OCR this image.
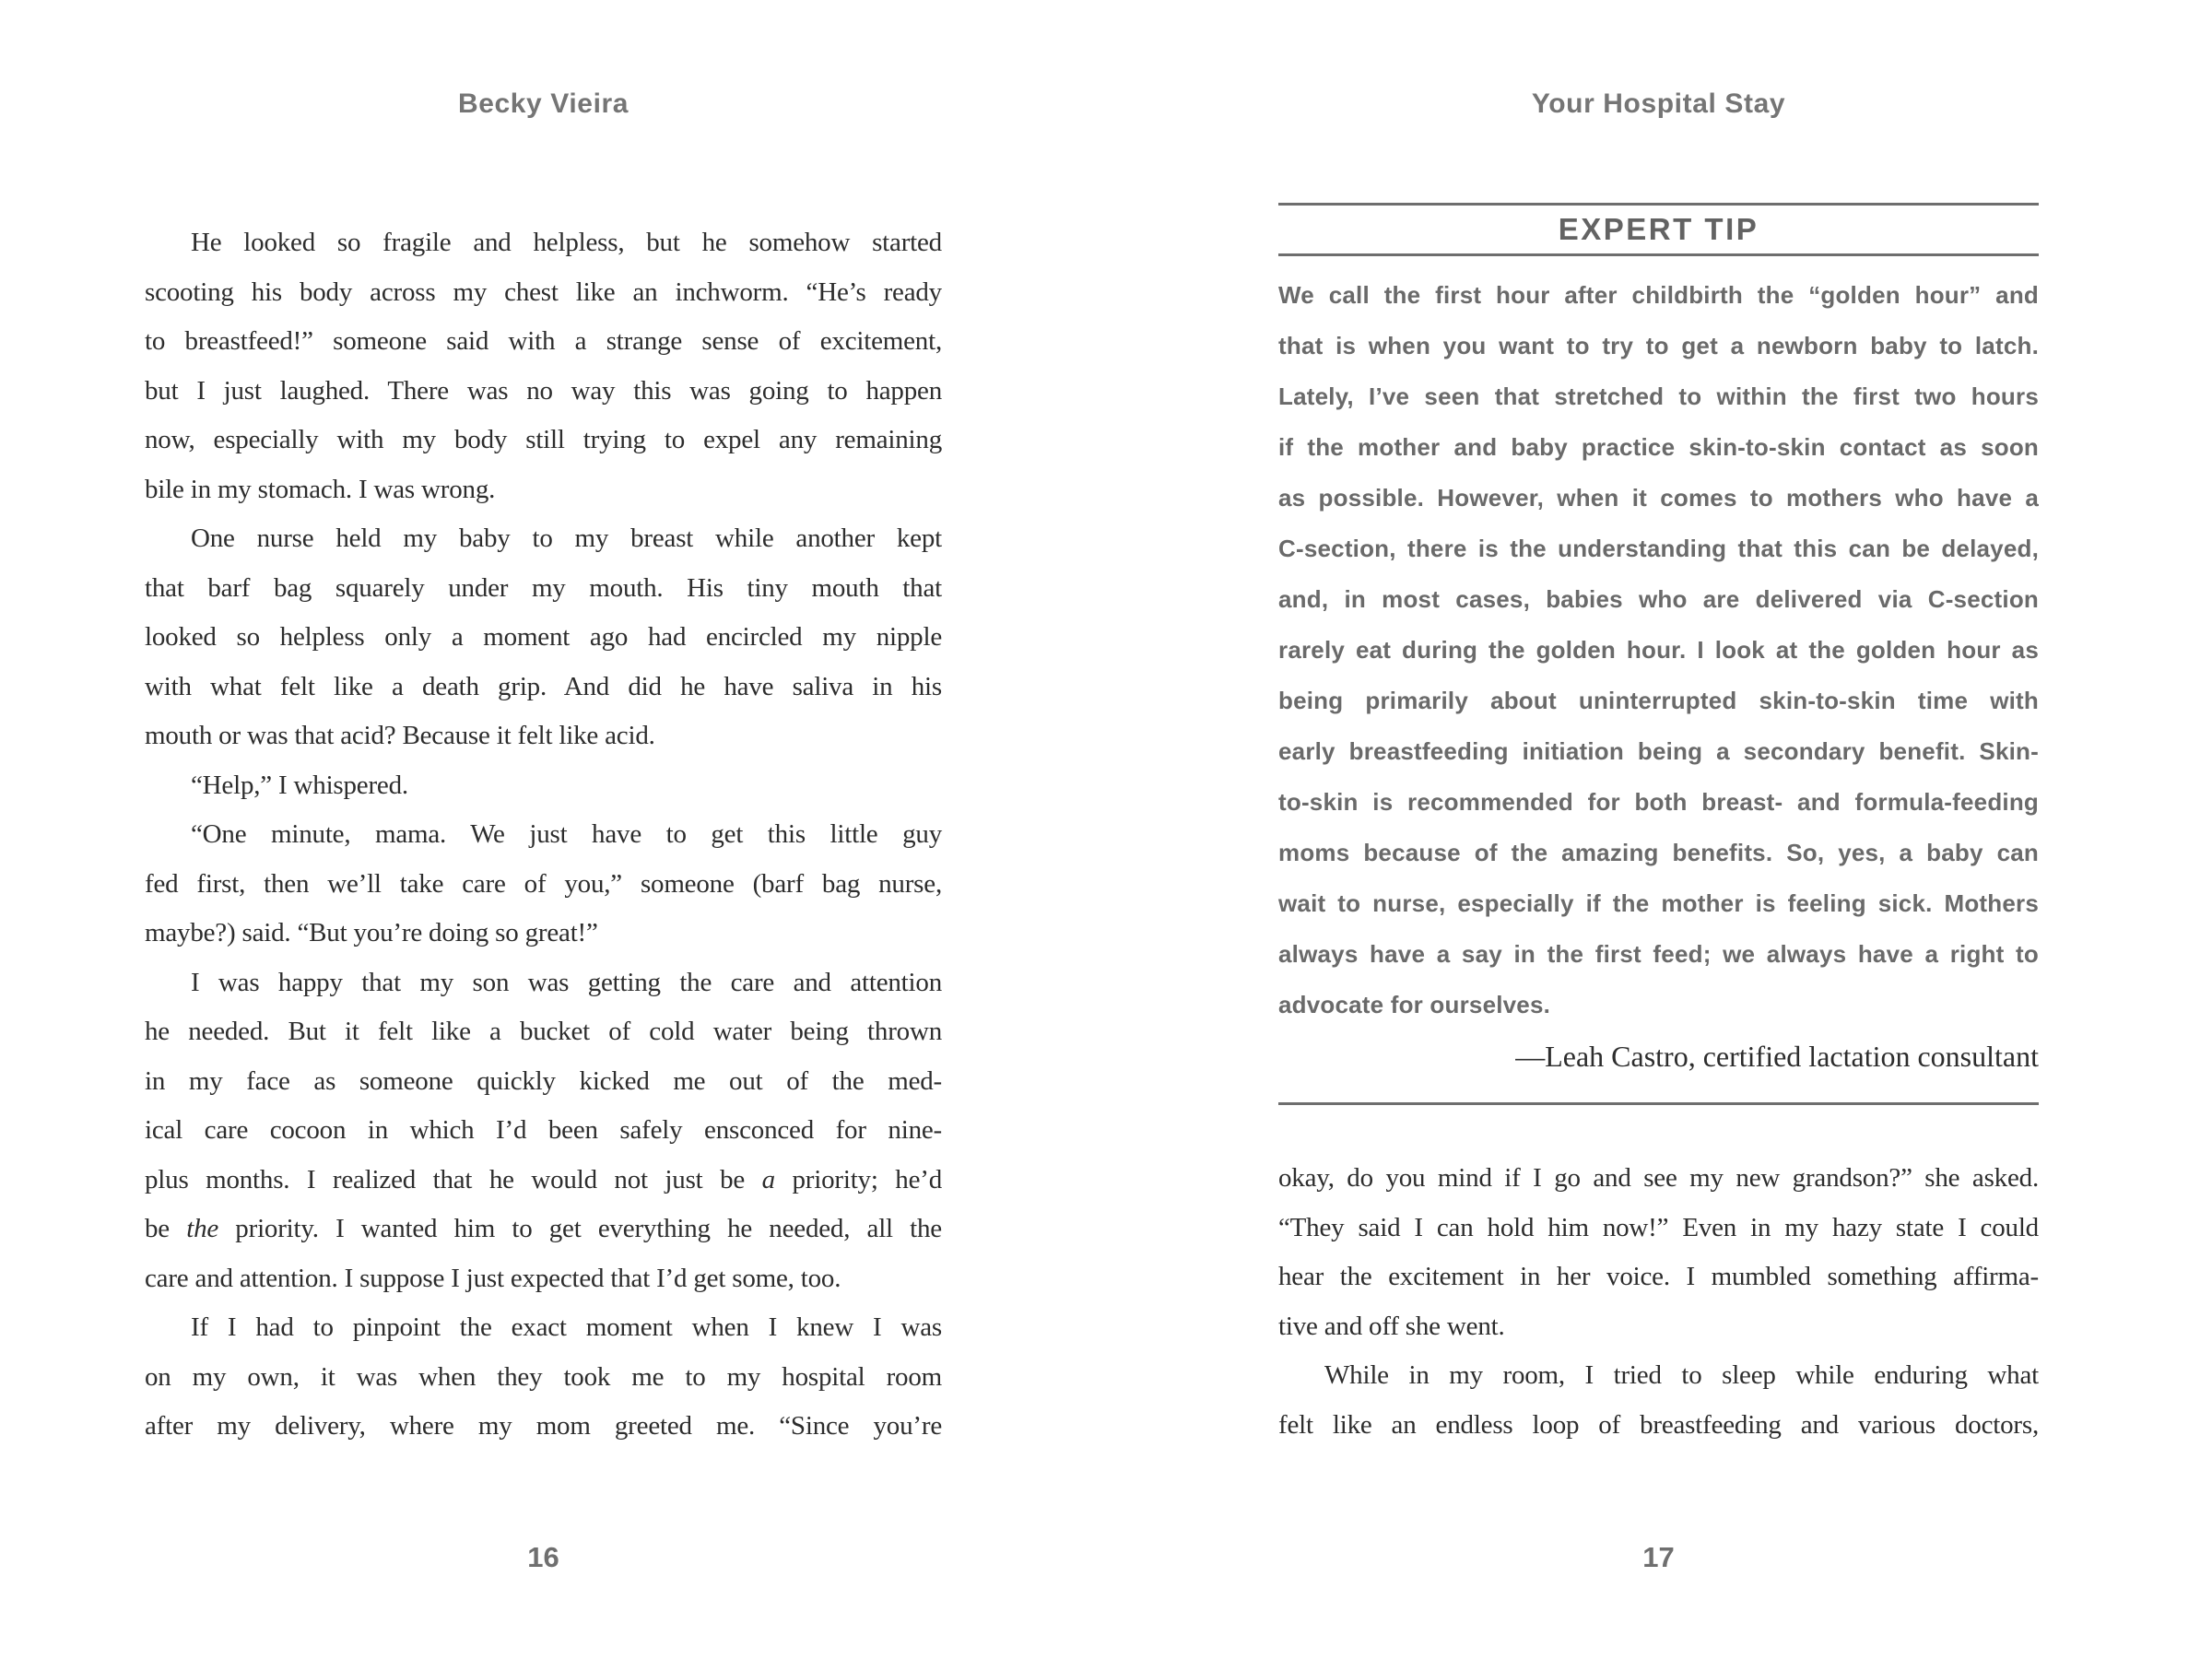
Becky Vieira
He looked so fragile and helpless, but he somehow started
scooting his body across my chest like an inchworm. “He’s ready
to breastfeed!” someone said with a strange sense of excitement,
but I just laughed. There was no way this was going to happen
now, especially with my body still trying to expel any remaining
bile in my stomach. I was wrong.
One nurse held my baby to my breast while another kept
that barf bag squarely under my mouth. His tiny mouth that
looked so helpless only a moment ago had encircled my nipple
with what felt like a death grip. And did he have saliva in his
mouth or was that acid? Because it felt like acid.
“Help,” I whispered.
“One minute, mama. We just have to get this little guy
fed first, then we’ll take care of you,” someone (barf bag nurse,
maybe?) said. “But you’re doing so great!”
I was happy that my son was getting the care and attention
he needed. But it felt like a bucket of cold water being thrown
in my face as someone quickly kicked me out of the med-
ical care cocoon in which I’d been safely ensconced for nine-
plus months. I realized that he would not just be a priority; he’d
be the priority. I wanted him to get everything he needed, all the
care and attention. I suppose I just expected that I’d get some, too.
If I had to pinpoint the exact moment when I knew I was
on my own, it was when they took me to my hospital room
after my delivery, where my mom greeted me. “Since you’re
16
Your Hospital Stay
EXPERT TIP
We call the first hour after childbirth the “golden hour” and
that is when you want to try to get a newborn baby to latch.
Lately, I’ve seen that stretched to within the first two hours
if the mother and baby practice skin-to-skin contact as soon
as possible. However, when it comes to mothers who have a
C-section, there is the understanding that this can be delayed,
and, in most cases, babies who are delivered via C-section
rarely eat during the golden hour. I look at the golden hour as
being primarily about uninterrupted skin-to-skin time with
early breastfeeding initiation being a secondary benefit. Skin-
to-skin is recommended for both breast- and formula-feeding
moms because of the amazing benefits. So, yes, a baby can
wait to nurse, especially if the mother is feeling sick. Mothers
always have a say in the first feed; we always have a right to
advocate for ourselves.
—Leah Castro, certified lactation consultant
okay, do you mind if I go and see my new grandson?” she asked.
“They said I can hold him now!” Even in my hazy state I could
hear the excitement in her voice. I mumbled something affirma-
tive and off she went.
While in my room, I tried to sleep while enduring what
felt like an endless loop of breastfeeding and various doctors,
17
